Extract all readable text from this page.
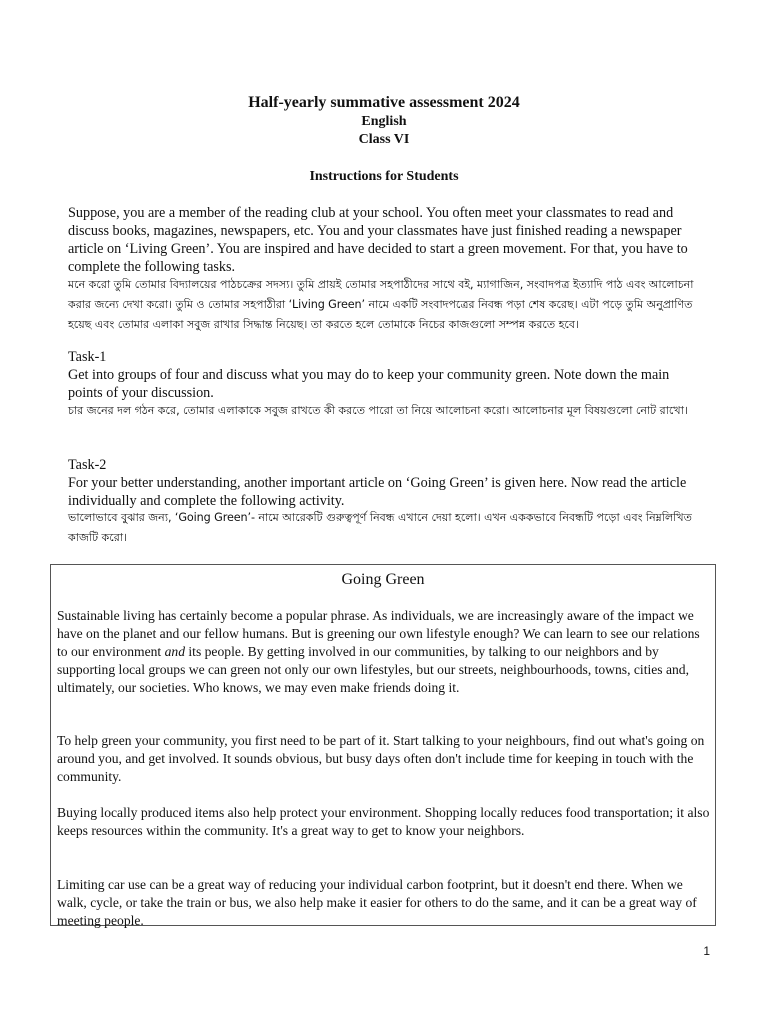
Half-yearly summative assessment 2024
English
Class VI
Instructions for Students
Suppose, you are a member of the reading club at your school. You often meet your classmates to read and discuss books, magazines, newspapers, etc. You and your classmates have just finished reading a newspaper article on ‘Living Green’. You are inspired and have decided to start a green movement. For that, you have to complete the following tasks.
মনে করো তুমি তোমার বিদ্যালয়ের পাঠচক্রের সদস্য। তুমি প্রায়ই তোমার সহপাঠীদের সাথে বই, ম্যাগাজিন, সংবাদপত্র ইত্যাদি পাঠ এবং আলোচনা করার জন্যে দেখা করো। তুমি ও তোমার সহপাঠীরা ‘Living Green’ নামে একটি সংবাদপত্রের নিবন্ধ পড়া শেষ করেছ। এটা পড়ে তুমি অনুপ্রাণিত হয়েছ এবং তোমার এলাকা সবুজ রাখার সিদ্ধান্ত নিয়েছ। তা করতে হলে তোমাকে নিচের কাজগুলো সম্পন্ন করতে হবে।
Task-1
Get into groups of four and discuss what you may do to keep your community green. Note down the main points of your discussion.
চার জনের দল গঠন করে, তোমার এলাকাকে সবুজ রাখতে কী করতে পারো তা নিয়ে আলোচনা করো। আলোচনার মূল বিষয়গুলো নোট রাখো।
Task-2
For your better understanding, another important article on ‘Going Green’ is given here. Now read the article individually and complete the following activity.
ভালোভাবে বুঝার জন্য, ‘Going Green’- নামে আরেকটি গুরুত্বপূর্ণ নিবন্ধ এখানে দেয়া হলো। এখন এককভাবে নিবন্ধটি পড়ো এবং নিম্নলিখিত কাজটি করো।
Going Green
Sustainable living has certainly become a popular phrase. As individuals, we are increasingly aware of the impact we have on the planet and our fellow humans. But is greening our own lifestyle enough? We can learn to see our relations to our environment and its people. By getting involved in our communities, by talking to our neighbors and by supporting local groups we can green not only our own lifestyles, but our streets, neighbourhoods, towns, cities and, ultimately, our societies. Who knows, we may even make friends doing it.
To help green your community, you first need to be part of it. Start talking to your neighbours, find out what's going on around you, and get involved. It sounds obvious, but busy days often don't include time for keeping in touch with the community.
Buying locally produced items also help protect your environment. Shopping locally reduces food transportation; it also keeps resources within the community. It's a great way to get to know your neighbors.
Limiting car use can be a great way of reducing your individual carbon footprint, but it doesn't end there. When we walk, cycle, or take the train or bus, we also help make it easier for others to do the same, and it can be a great way of meeting people.
1
